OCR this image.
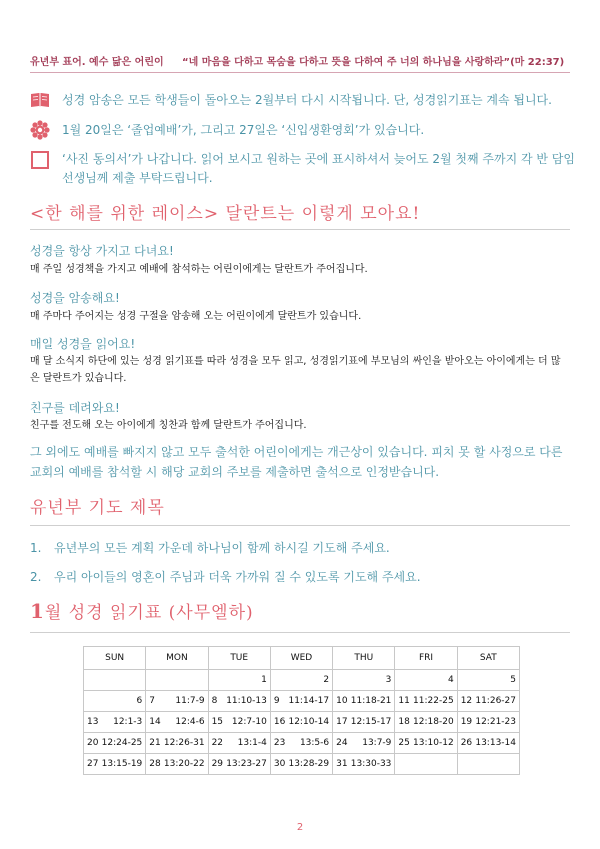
유년부 표어. 예수 닮은 어린이 “네 마음을 다하고 목숨을 다하고 뜻을 다하여 주 너의 하나님을 사랑하라”(마 22:37)
성경 암송은 모든 학생들이 돌아오는 2월부터 다시 시작됩니다. 단, 성경읽기표는 계속 됩니다.
1월 20일은 ‘졸업예배’가, 그리고 27일은 ‘신입생환영회’가 있습니다.
‘사진 동의서’가 나갑니다. 읽어 보시고 원하는 곳에 표시하셔서 늦어도 2월 첫째 주까지 각 반 담임 선생님께 제출 부탁드립니다.
<한 해를 위한 레이스> 달란트는 이렇게 모아요!
성경을 항상 가지고 다녀요!
매 주일 성경책을 가지고 예배에 참석하는 어린이에게는 달란트가 주어집니다.
성경을 암송해요!
매 주마다 주어지는 성경 구절을 암송해 오는 어린이에게 달란트가 있습니다.
매일 성경을 읽어요!
매 달 소식지 하단에 있는 성경 읽기표를 따라 성경을 모두 읽고, 성경읽기표에 부모님의 싸인을 받아오는 아이에게는 더 많은 달란트가 있습니다.
친구를 데려와요!
친구를 전도해 오는 아이에게 칭찬과 함께 달란트가 주어집니다.
그 외에도 예배를 빠지지 않고 모두 출석한 어린이에게는 개근상이 있습니다. 피치 못 할 사정으로 다른 교회의 예배를 참석할 시 해당 교회의 주보를 제출하면 출석으로 인정받습니다.
유년부 기도 제목
1. 유년부의 모든 계획 가운데 하나님이 함께 하시길 기도해 주세요.
2. 우리 아이들의 영혼이 주님과 더욱 가까워 질 수 있도록 기도해 주세요.
1월 성경 읽기표 (사무엘하)
SUN	MON	TUE	WED	THU	FRI	SAT

		1	2	3	4	5

6	7 11:7-9	8 11:10-13	9 11:14-17	10 11:18-21	11 11:22-25	12 11:26-27

13 12:1-3	14 12:4-6	15 12:7-10	16 12:10-14	17 12:15-17	18 12:18-20	19 12:21-23

20 12:24-25	21 12:26-31	22 13:1-4	23 13:5-6	24 13:7-9	25 13:10-12	26 13:13-14

27 13:15-19	28 13:20-22	29 13:23-27	30 13:28-29	31 13:30-33		

2
